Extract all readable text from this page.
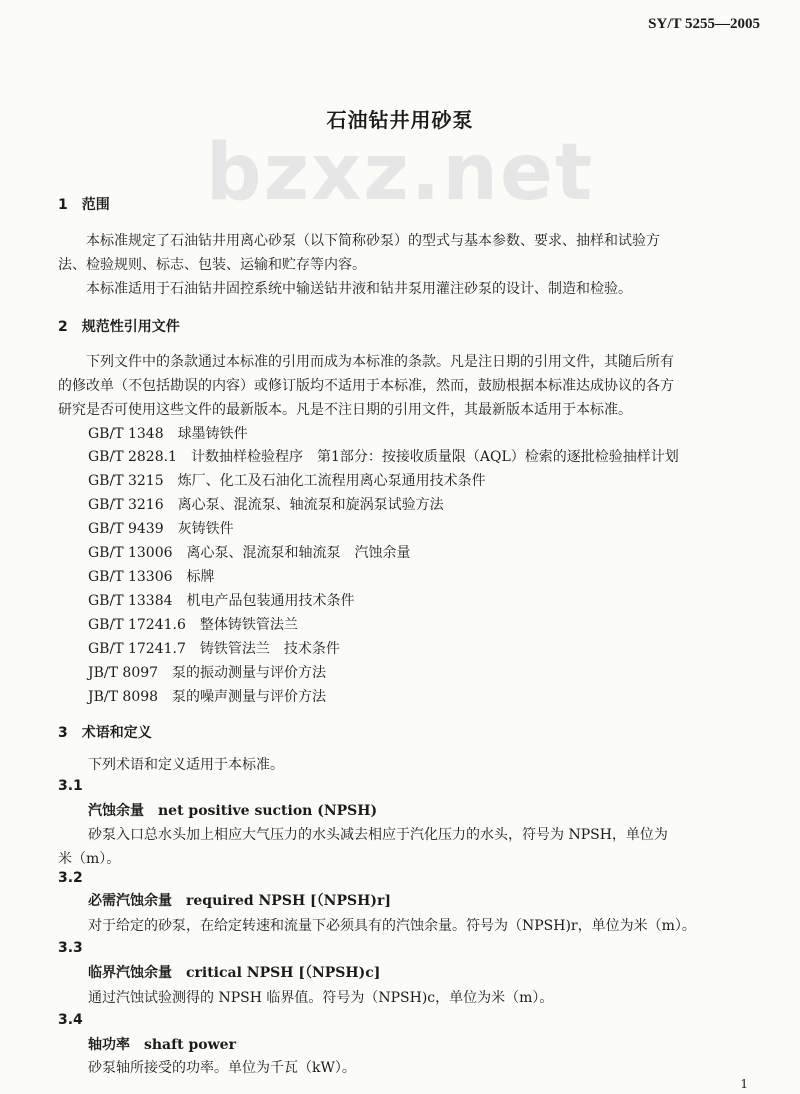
SY/T 5255—2005
bzxz.net
石油钻井用砂泵
1　范围
本标准规定了石油钻井用离心砂泵（以下简称砂泵）的型式与基本参数、要求、抽样和试验方
法、检验规则、标志、包装、运输和贮存等内容。
本标准适用于石油钻井固控系统中输送钻井液和钻井泵用灌注砂泵的设计、制造和检验。
2　规范性引用文件
下列文件中的条款通过本标准的引用而成为本标准的条款。凡是注日期的引用文件，其随后所有
的修改单（不包括勘误的内容）或修订版均不适用于本标准，然而，鼓励根据本标准达成协议的各方
研究是否可使用这些文件的最新版本。凡是不注日期的引用文件，其最新版本适用于本标准。
GB/T 1348　球墨铸铁件
GB/T 2828.1　计数抽样检验程序　第1部分：按接收质量限（AQL）检索的逐批检验抽样计划
GB/T 3215　炼厂、化工及石油化工流程用离心泵通用技术条件
GB/T 3216　离心泵、混流泵、轴流泵和旋涡泵试验方法
GB/T 9439　灰铸铁件
GB/T 13006　离心泵、混流泵和轴流泵　汽蚀余量
GB/T 13306　标牌
GB/T 13384　机电产品包装通用技术条件
GB/T 17241.6　整体铸铁管法兰
GB/T 17241.7　铸铁管法兰　技术条件
JB/T 8097　泵的振动测量与评价方法
JB/T 8098　泵的噪声测量与评价方法
3　术语和定义
下列术语和定义适用于本标准。
3.1
汽蚀余量　net positive suction (NPSH)
砂泵入口总水头加上相应大气压力的水头减去相应于汽化压力的水头，符号为 NPSH，单位为
米（m）。
3.2
必需汽蚀余量　required NPSH [（NPSH)r]
对于给定的砂泵，在给定转速和流量下必须具有的汽蚀余量。符号为（NPSH)r，单位为米（m）。
3.3
临界汽蚀余量　critical NPSH [（NPSH)c]
通过汽蚀试验测得的 NPSH 临界值。符号为（NPSH)c，单位为米（m）。
3.4
轴功率　shaft power
砂泵轴所接受的功率。单位为千瓦（kW）。
1
